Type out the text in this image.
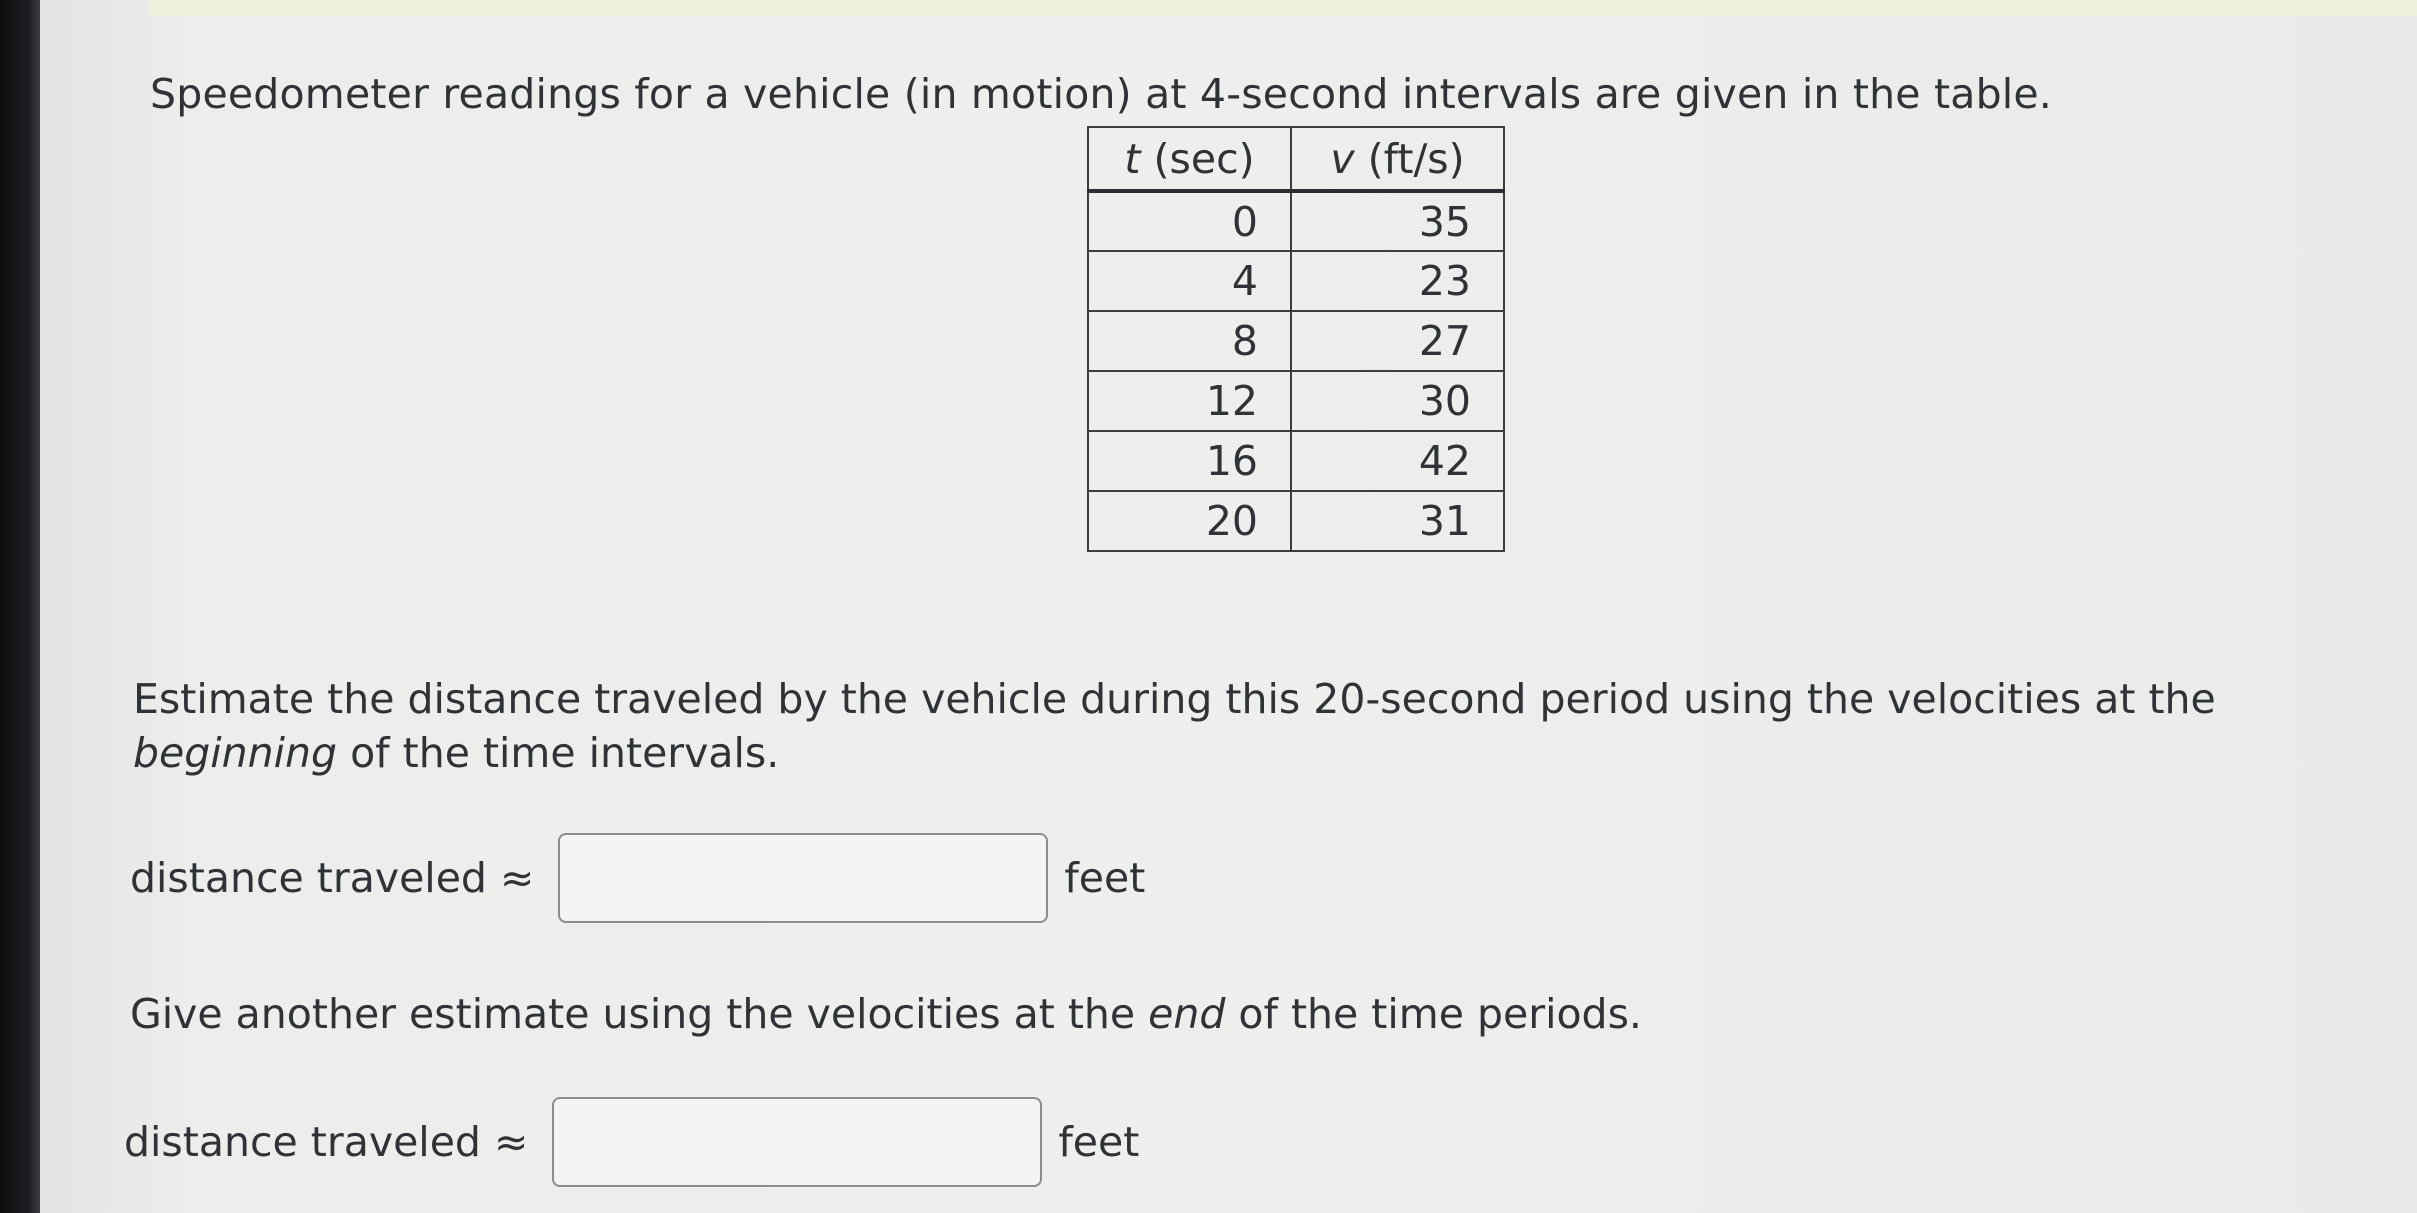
Speedometer readings for a vehicle (in motion) at 4-second intervals are given in the table.
t (sec)	v (ft/s)
0	35
4	23
8	27
12	30
16	42
20	31
Estimate the distance traveled by the vehicle during this 20-second period using the velocities at the beginning of the time intervals.
distance traveled ≈	feet
Give another estimate using the velocities at the end of the time periods.
distance traveled ≈	feet
